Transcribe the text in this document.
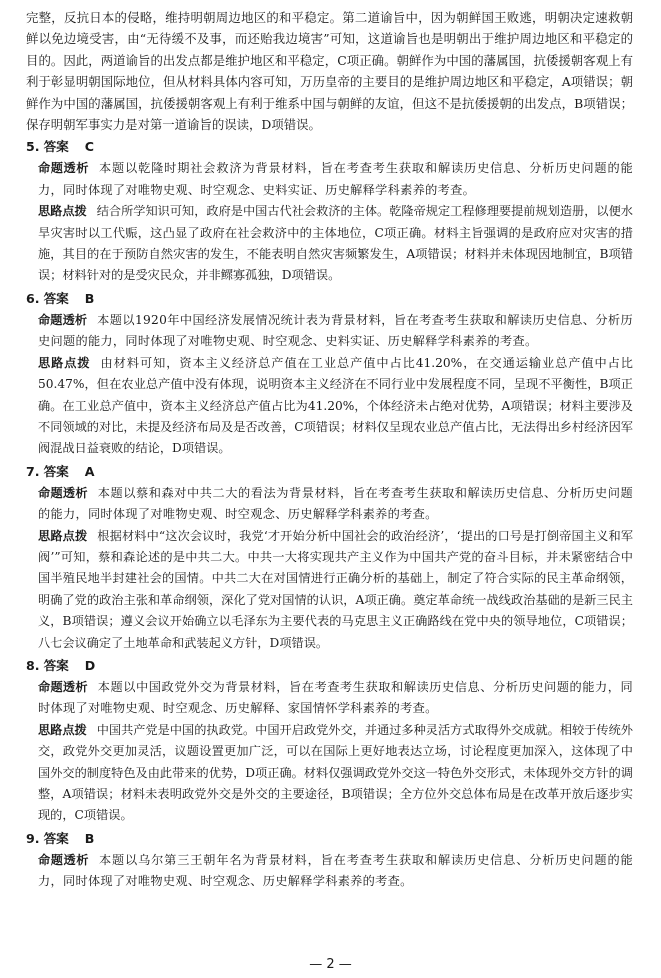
完整，反抗日本的侵略，维持明朝周边地区的和平稳定。第二道谕旨中，因为朝鲜国王败逃，明朝决定速救朝鲜以免边境受害，由“无待缓不及事，而还贻我边境害”可知，这道谕旨也是明朝出于维护周边地区和平稳定的目的。因此，两道谕旨的出发点都是维护地区和平稳定，C项正确。朝鲜作为中国的藩属国，抗倭援朝客观上有利于彰显明朝国际地位，但从材料具体内容可知，万历皇帝的主要目的是维护周边地区和平稳定，A项错误；朝鲜作为中国的藩属国，抗倭援朝客观上有利于维系中国与朝鲜的友谊，但这不是抗倭援朝的出发点，B项错误；保存明朝军事实力是对第一道谕旨的误读，D项错误。

5. 答案 C

命题透析 本题以乾隆时期社会救济为背景材料，旨在考查考生获取和解读历史信息、分析历史问题的能力，同时体现了对唯物史观、时空观念、史料实证、历史解释学科素养的考查。

思路点拨 结合所学知识可知，政府是中国古代社会救济的主体。乾隆帝规定工程修理要提前规划造册，以便水旱灾害时以工代赈，这凸显了政府在社会救济中的主体地位，C项正确。材料主旨强调的是政府应对灾害的措施，其目的在于预防自然灾害的发生，不能表明自然灾害频繁发生，A项错误；材料并未体现因地制宜，B项错误；材料针对的是受灾民众，并非鳏寡孤独，D项错误。

6. 答案 B

命题透析 本题以1920年中国经济发展情况统计表为背景材料，旨在考查考生获取和解读历史信息、分析历史问题的能力，同时体现了对唯物史观、时空观念、史料实证、历史解释学科素养的考查。

思路点拨 由材料可知，资本主义经济总产值在工业总产值中占比41.20%，在交通运输业总产值中占比50.47%，但在农业总产值中没有体现，说明资本主义经济在不同行业中发展程度不同，呈现不平衡性，B项正确。在工业总产值中，资本主义经济总产值占比为41.20%，个体经济未占绝对优势，A项错误；材料主要涉及不同领域的对比，未提及经济布局及是否改善，C项错误；材料仅呈现农业总产值占比，无法得出乡村经济因军阀混战日益衰败的结论，D项错误。

7. 答案 A

命题透析 本题以蔡和森对中共二大的看法为背景材料，旨在考查考生获取和解读历史信息、分析历史问题的能力，同时体现了对唯物史观、时空观念、历史解释学科素养的考查。

思路点拨 根据材料中“这次会议时，我党‘才开始分析中国社会的政治经济’，‘提出的口号是打倒帝国主义和军阀’”可知，蔡和森论述的是中共二大。中共一大将实现共产主义作为中国共产党的奋斗目标，并未紧密结合中国半殖民地半封建社会的国情。中共二大在对国情进行正确分析的基础上，制定了符合实际的民主革命纲领，明确了党的政治主张和革命纲领，深化了党对国情的认识，A项正确。奠定革命统一战线政治基础的是新三民主义，B项错误；遵义会议开始确立以毛泽东为主要代表的马克思主义正确路线在党中央的领导地位，C项错误；八七会议确定了土地革命和武装起义方针，D项错误。

8. 答案 D

命题透析 本题以中国政党外交为背景材料，旨在考查考生获取和解读历史信息、分析历史问题的能力，同时体现了对唯物史观、时空观念、历史解释、家国情怀学科素养的考查。

思路点拨 中国共产党是中国的执政党。中国开启政党外交，并通过多种灵活方式取得外交成就。相较于传统外交，政党外交更加灵活，议题设置更加广泛，可以在国际上更好地表达立场，讨论程度更加深入，这体现了中国外交的制度特色及由此带来的优势，D项正确。材料仅强调政党外交这一特色外交形式，未体现外交方针的调整，A项错误；材料未表明政党外交是外交的主要途径，B项错误；全方位外交总体布局是在改革开放后逐步实现的，C项错误。

9. 答案 B

命题透析 本题以乌尔第三王朝年名为背景材料，旨在考查考生获取和解读历史信息、分析历史问题的能力，同时体现了对唯物史观、时空观念、历史解释学科素养的考查。

— 2 —
